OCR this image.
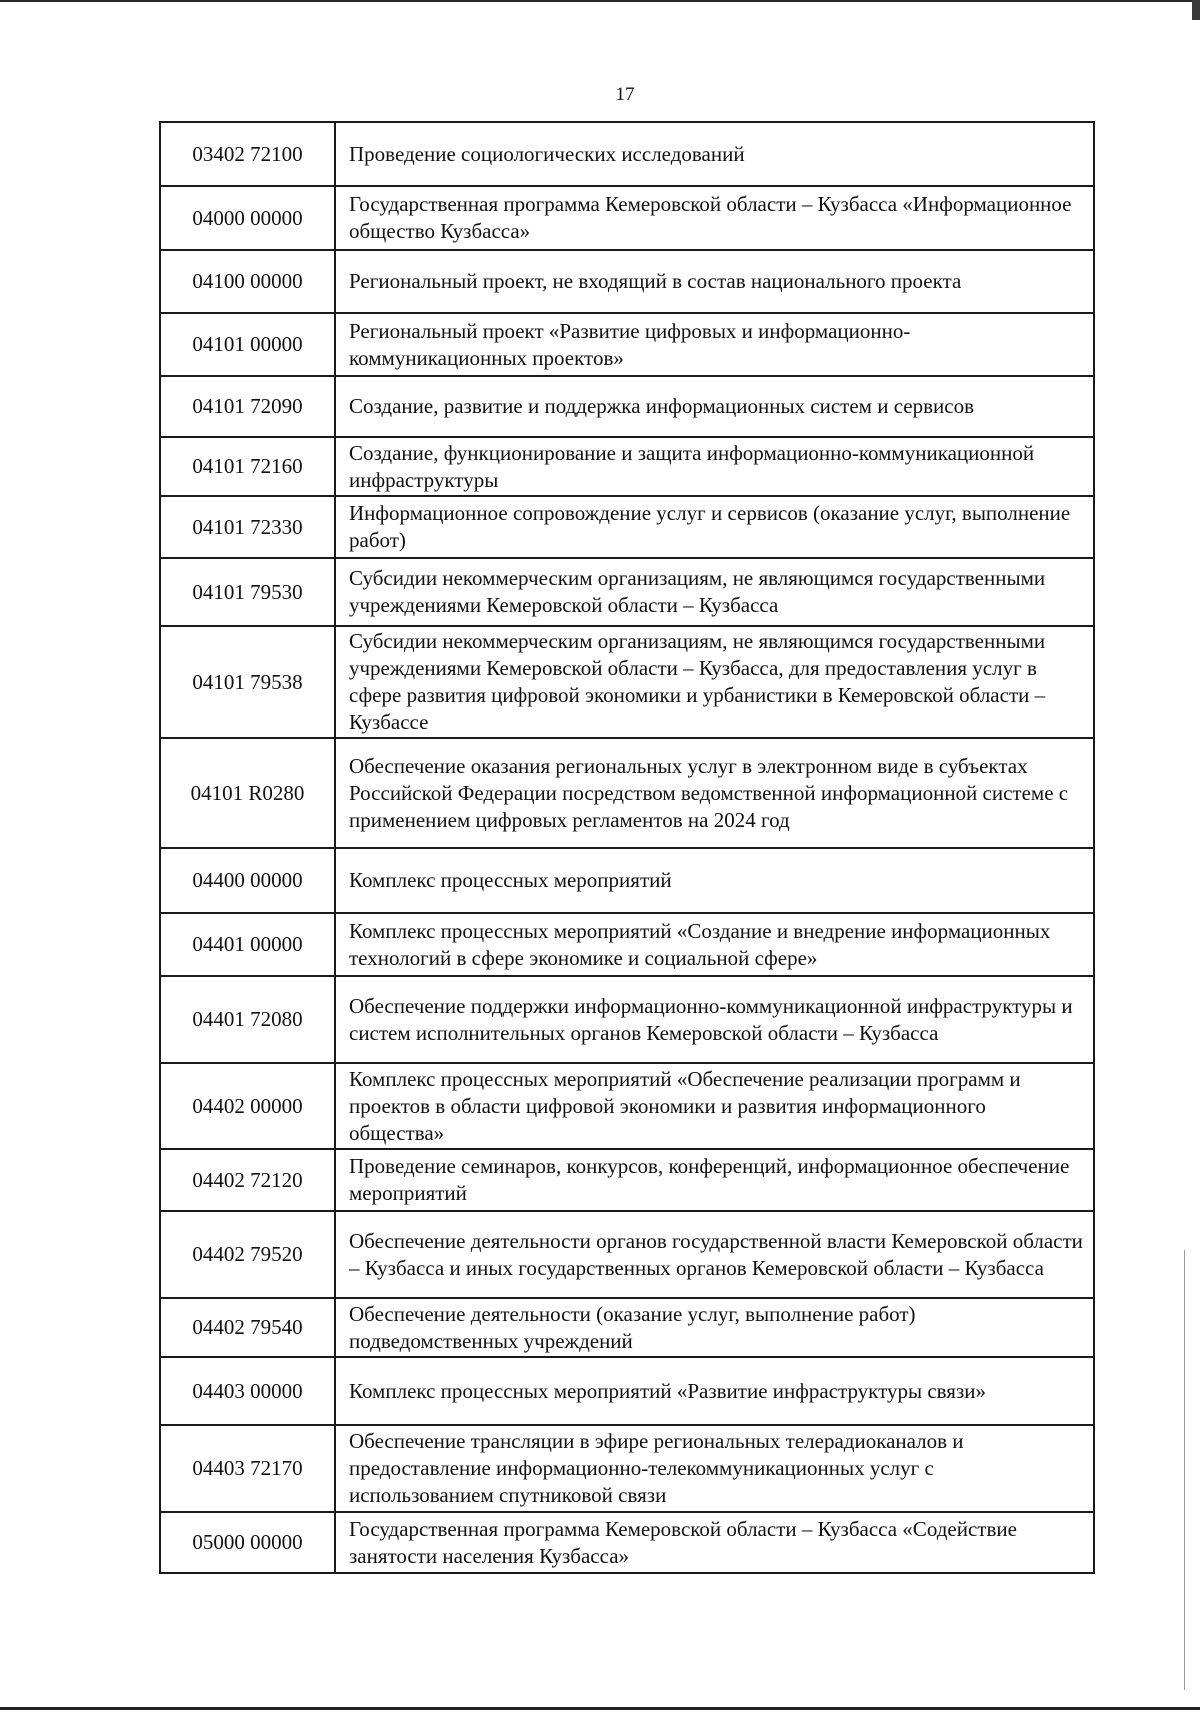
17
03402 72100	Проведение социологических исследований
04000 00000	Государственная программа Кемеровской области – Кузбасса «Информационное общество Кузбасса»
04100 00000	Региональный проект, не входящий в состав национального проекта
04101 00000	Региональный проект «Развитие цифровых и информационно-коммуникационных проектов»
04101 72090	Создание, развитие и поддержка информационных систем и сервисов
04101 72160	Создание, функционирование и защита информационно-коммуникационной инфраструктуры
04101 72330	Информационное сопровождение услуг и сервисов (оказание услуг, выполнение работ)
04101 79530	Субсидии некоммерческим организациям, не являющимся государственными учреждениями Кемеровской области – Кузбасса
04101 79538	Субсидии некоммерческим организациям, не являющимся государственными учреждениями Кемеровской области – Кузбасса, для предоставления услуг в сфере развития цифровой экономики и урбанистики в Кемеровской области – Кузбассе
04101 R0280	Обеспечение оказания региональных услуг в электронном виде в субъектах Российской Федерации посредством ведомственной информационной системе с применением цифровых регламентов на 2024 год
04400 00000	Комплекс процессных мероприятий
04401 00000	Комплекс процессных мероприятий «Создание и внедрение информационных технологий в сфере экономике и социальной сфере»
04401 72080	Обеспечение поддержки информационно-коммуникационной инфраструктуры и систем исполнительных органов Кемеровской области – Кузбасса
04402 00000	Комплекс процессных мероприятий «Обеспечение реализации программ и проектов в области цифровой экономики и развития информационного общества»
04402 72120	Проведение семинаров, конкурсов, конференций, информационное обеспечение мероприятий
04402 79520	Обеспечение деятельности органов государственной власти Кемеровской области – Кузбасса и иных государственных органов Кемеровской области – Кузбасса
04402 79540	Обеспечение деятельности (оказание услуг, выполнение работ) подведомственных учреждений
04403 00000	Комплекс процессных мероприятий «Развитие инфраструктуры связи»
04403 72170	Обеспечение трансляции в эфире региональных телерадиоканалов и предоставление информационно-телекоммуникационных услуг с использованием спутниковой связи
05000 00000	Государственная программа Кемеровской области – Кузбасса «Содействие занятости населения Кузбасса»
